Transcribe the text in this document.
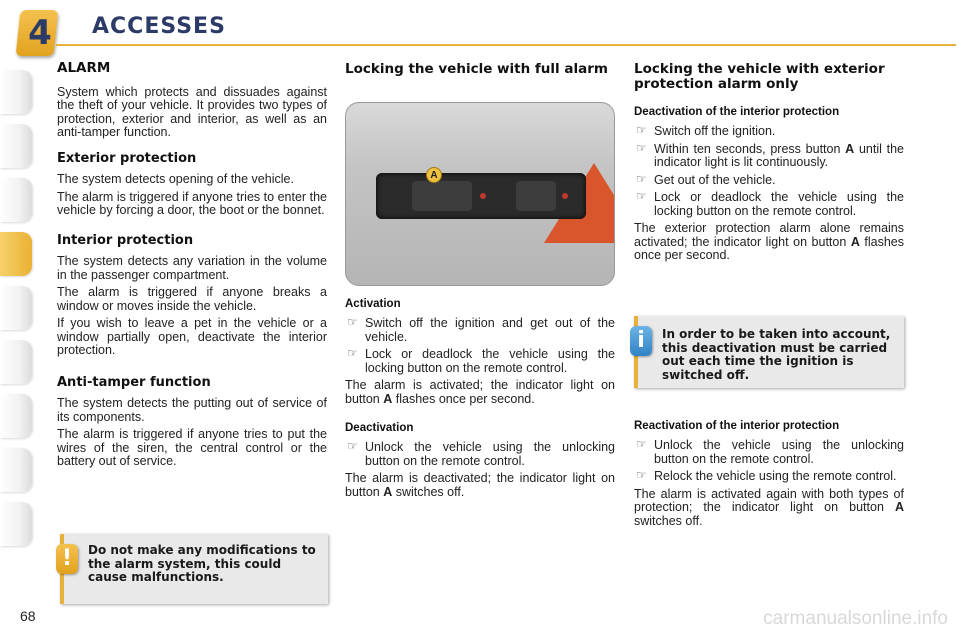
4 ACCESSES
ALARM

System which protects and dissuades against the theft of your vehicle. It provides two types of protection, exterior and interior, as well as an anti-tamper function.

Exterior protection

The system detects opening of the vehicle.

The alarm is triggered if anyone tries to enter the vehicle by forcing a door, the boot or the bonnet.

Interior protection

The system detects any variation in the volume in the passenger compartment.

The alarm is triggered if anyone breaks a window or moves inside the vehicle.

If you wish to leave a pet in the vehicle or a window partially open, deactivate the interior protection.

Anti-tamper function

The system detects the putting out of service of its components.

The alarm is triggered if anyone tries to put the wires of the siren, the central control or the battery out of service.

!	Do not make any modifications to the alarm system, this could cause malfunctions.
Locking the vehicle with full alarm
A
Activation
☞ Switch off the ignition and get out of the vehicle.
☞ Lock or deadlock the vehicle using the locking button on the remote control.

The alarm is activated; the indicator light on button A flashes once per second.

Deactivation
☞ Unlock the vehicle using the unlocking button on the remote control.

The alarm is deactivated; the indicator light on button A switches off.

Locking the vehicle with exterior protection alarm only
Deactivation of the interior protection
☞ Switch off the ignition.
☞ Within ten seconds, press button A until the indicator light is lit continuously.
☞ Get out of the vehicle.
☞ Lock or deadlock the vehicle using the locking button on the remote control.

The exterior protection alarm alone remains activated; the indicator light on button A flashes once per second.

i	In order to be taken into account, this deactivation must be carried out each time the ignition is switched off.
Reactivation of the interior protection
☞ Unlock the vehicle using the unlocking button on the remote control.
☞ Relock the vehicle using the remote control.

The alarm is activated again with both types of protection; the indicator light on button A switches off.

68	carmanualsonline.info
